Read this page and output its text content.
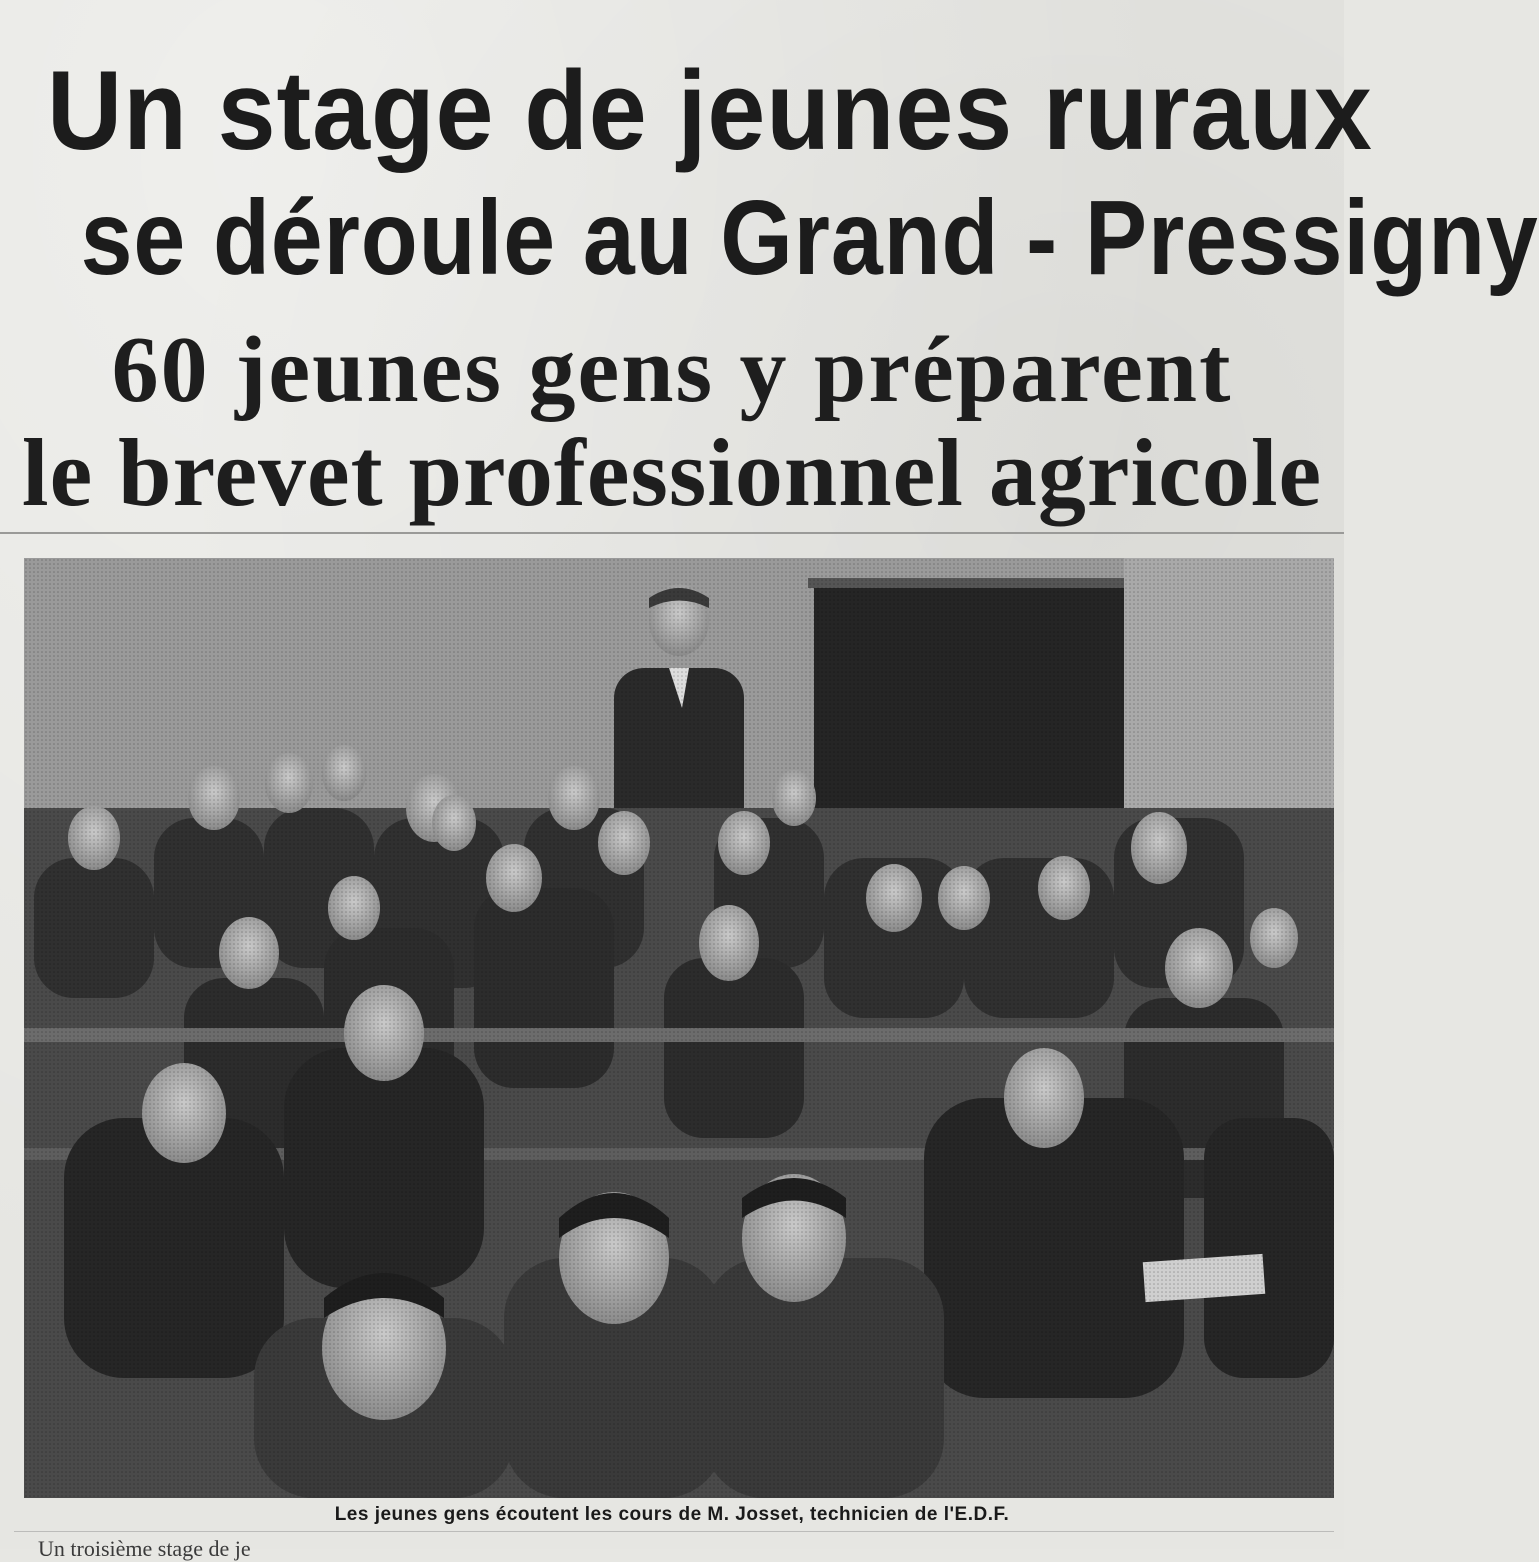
Un stage de jeunes ruraux
se déroule au Grand - Pressigny
60 jeunes gens y préparent
le brevet professionnel agricole
Les jeunes gens écoutent les cours de M. Josset, technicien de l'E.D.F.
Un troisième stage de je
